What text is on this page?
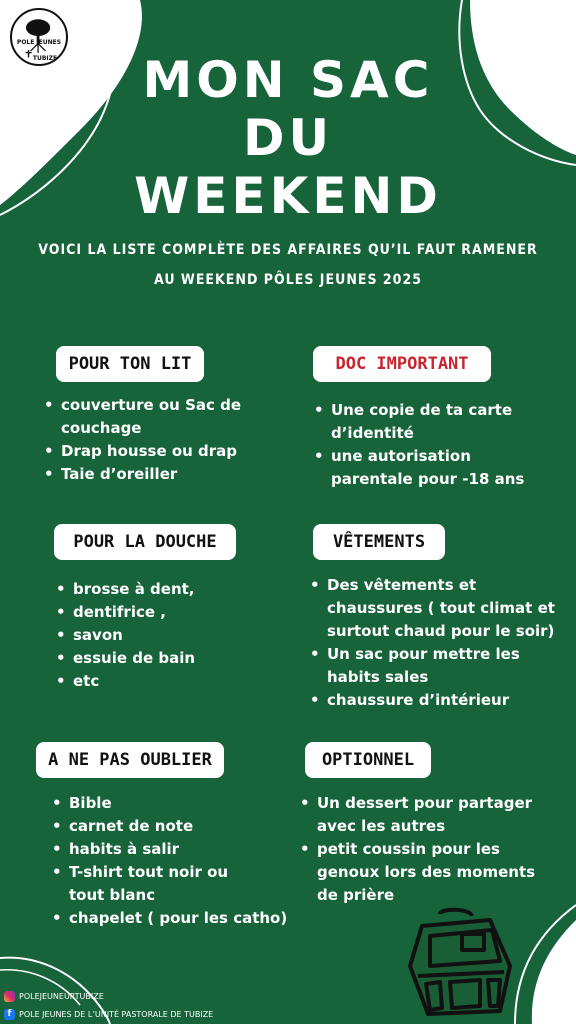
POLE JEUNES
TUBIZE	MON SAC
DU
WEEKEND
VOICI LA LISTE COMPLÈTE DES AFFAIRES QU’IL FAUT RAMENER
AU WEEKEND PÔLES JEUNES 2025
POUR TON LIT
• couverture ou Sac de couchage
• Drap housse ou drap
• Taie d’oreiller
DOC IMPORTANT
• Une copie de ta carte d’identité
• une autorisation parentale pour -18 ans
POUR LA DOUCHE
• brosse à dent,
• dentifrice ,
• savon
• essuie de bain
• etc
VÊTEMENTS
• Des vêtements et chaussures ( tout climat et surtout chaud pour le soir)
• Un sac pour mettre les habits sales
• chaussure d’intérieur
A NE PAS OUBLIER
• Bible
• carnet de note
• habits à salir
• T-shirt tout noir ou tout blanc
• chapelet ( pour les catho)
OPTIONNEL
• Un dessert pour partager avec les autres
• petit coussin pour les genoux lors des moments de prière
POLEJEUNEUPTUBIZE
f POLE JEUNES DE L’UNITÉ PASTORALE DE TUBIZE
